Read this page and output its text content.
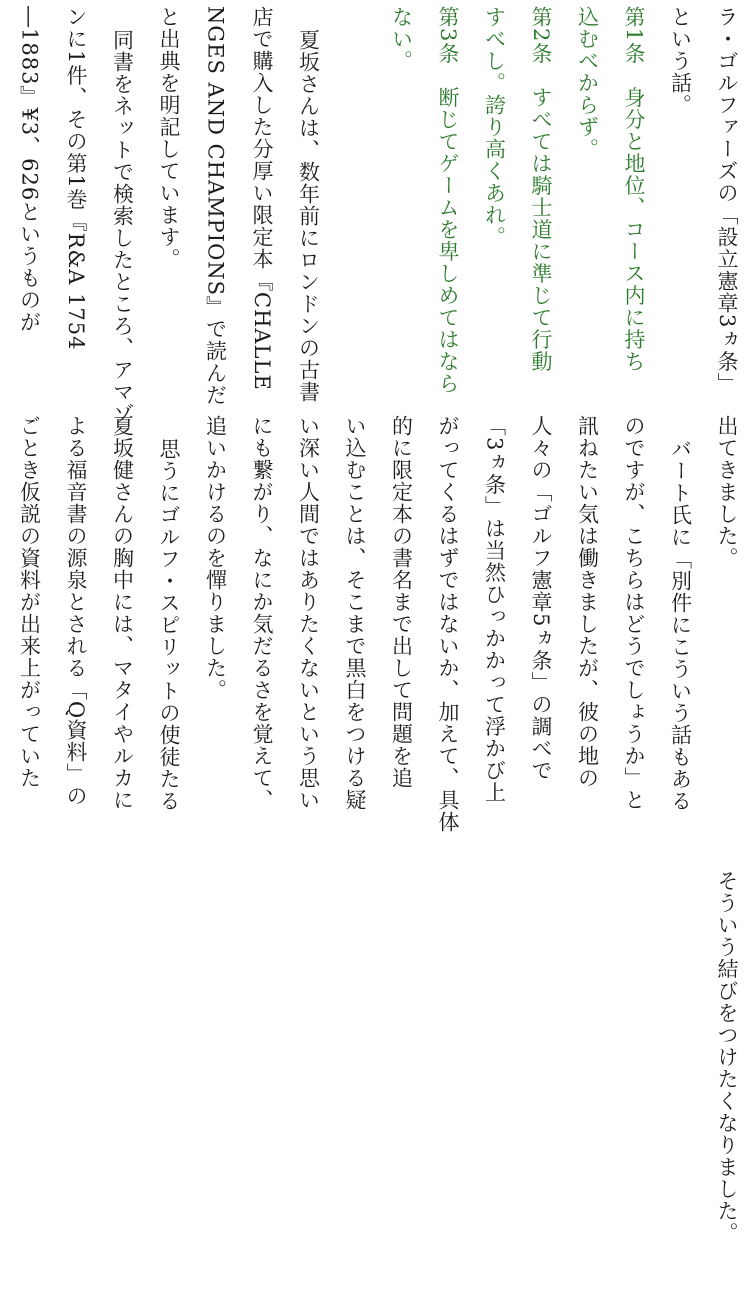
ラ・ゴルファーズの「設立憲章3ヵ条」

という話。

第1条　身分と地位、コース内に持ち

込むべからず。

第2条　すべては騎士道に準じて行動

すべし。誇り高くあれ。

第3条　断じてゲームを卑しめてはなら

ない。

夏坂さんは、数年前にロンドンの古書

店で購入した分厚い限定本『CHALLE

NGES AND CHAMPIONS』で読んだ

と出典を明記しています。

同書をネットで検索したところ、アマゾ

ンに1件、その第1巻『R&A 1754

―1883』¥3、626というものが

出てきました。

バート氏に「別件にこういう話もある

のですが、こちらはどうでしょうか」と

訊ねたい気は働きましたが、彼の地の

人々の「ゴルフ憲章5ヵ条」の調べで

「3ヵ条」は当然ひっかかって浮かび上

がってくるはずではないか、加えて、具体

的に限定本の書名まで出して問題を追

い込むことは、そこまで黒白をつける疑

い深い人間ではありたくないという思い

にも繋がり、なにか気だるさを覚えて、

追いかけるのを憚りました。

思うにゴルフ・スピリットの使徒たる

夏坂健さんの胸中には、マタイやルカに

よる福音書の源泉とされる「Q資料」の

ごとき仮説の資料が出来上がっていた

そういう結びをつけたくなりました。
